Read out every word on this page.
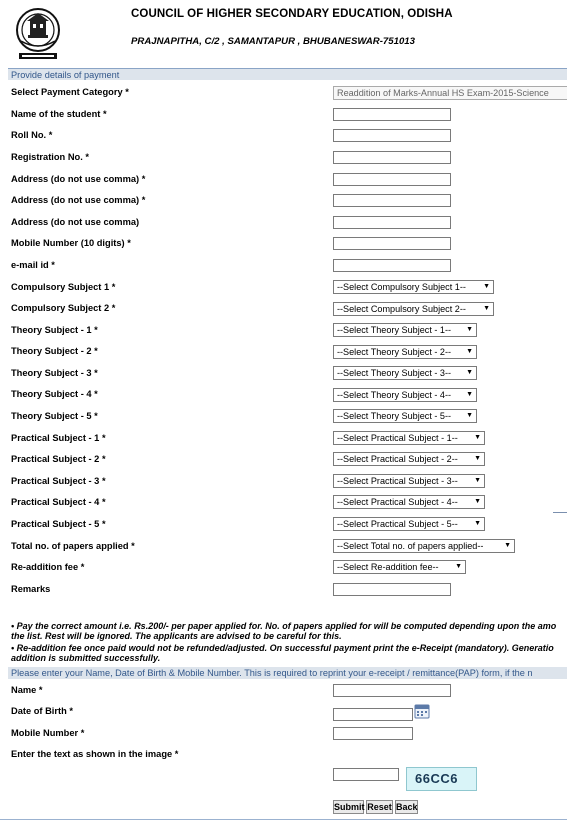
COUNCIL OF HIGHER SECONDARY EDUCATION, ODISHA
PRAJNAPITHA, C/2 , SAMANTAPUR , BHUBANESWAR-751013
Provide details of payment
Select Payment Category *
Name of the student *
Roll No. *
Registration No. *
Address (do not use comma) *
Address (do not use comma) *
Address (do not use comma)
Mobile Number (10 digits) *
e-mail id *
Compulsory Subject 1 *
Compulsory Subject 2 *
Theory Subject - 1 *
Theory Subject - 2 *
Theory Subject - 3 *
Theory Subject - 4 *
Theory Subject - 5 *
Practical Subject - 1 *
Practical Subject - 2 *
Practical Subject - 3 *
Practical Subject - 4 *
Practical Subject - 5 *
Total no. of papers applied *
Re-addition fee *
Remarks
Readdition of Marks-Annual HS Exam-2015-Science
--Select Compulsory Subject 1-- ▼
--Select Compulsory Subject 2-- ▼
--Select Theory Subject - 1-- ▼
--Select Theory Subject - 2-- ▼
--Select Theory Subject - 3-- ▼
--Select Theory Subject - 4-- ▼
--Select Theory Subject - 5-- ▼
--Select Practical Subject - 1-- ▼
--Select Practical Subject - 2-- ▼
--Select Practical Subject - 3-- ▼
--Select Practical Subject - 4-- ▼
--Select Practical Subject - 5-- ▼
--Select Total no. of papers applied--	▼
--Select Re-addition fee-- ▼
• Pay the correct amount i.e. Rs.200/- per paper applied for. No. of papers applied for will be computed depending upon the amo
the list. Rest will be ignored. The applicants are advised to be careful for this.
• Re-addition fee once paid would not be refunded/adjusted. On successful payment print the e-Receipt (mandatory). Generatio
addition is submitted successfully.
Please enter your Name, Date of Birth & Mobile Number. This is required to reprint your e-receipt / remittance(PAP) form, if the n
Name *
Date of Birth *
Mobile Number *
Enter the text as shown in the image *
66CC6
Submit Reset Back
